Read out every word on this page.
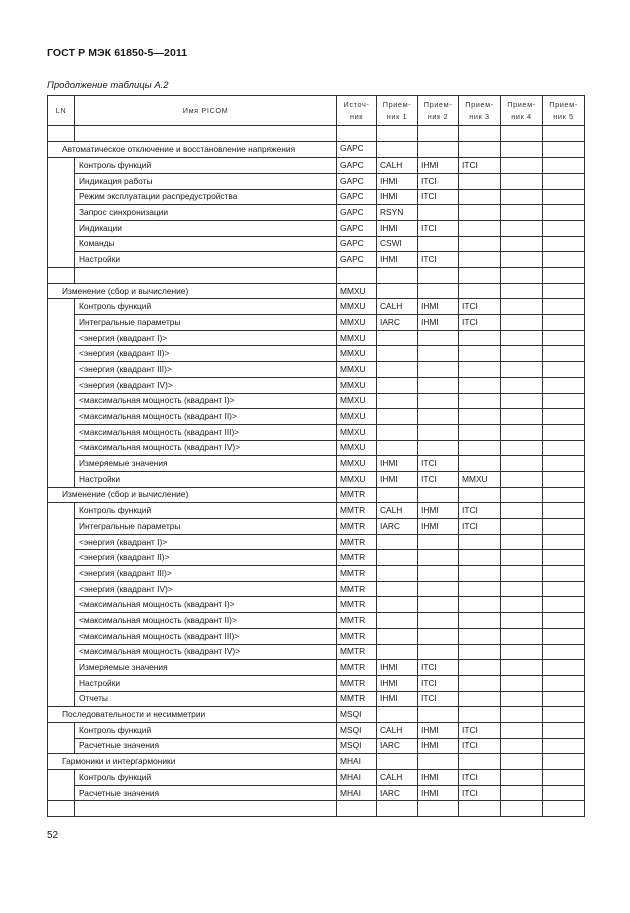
ГОСТ Р МЭК 61850-5—2011
Продолжение таблицы А.2
LN	Имя PICOM	Источ-ник	Прием-ник 1	Прием-ник 2	Прием-ник 3	Прием-ник 4	Прием-ник 5

Автоматическое отключение и восстановление напряжения		GAPC					
	Контроль функций	GAPC	CALH	IHMI	ITCI		
	Индикация работы	GAPC	IHMI	ITCI			
	Режим эксплуатации распредустройства	GAPC	IHMI	ITCI			
	Запрос синхронизации	GAPC	RSYN				
	Индикации	GAPC	IHMI	ITCI			
	Команды	GAPC	CSWI				
	Настройки	GAPC	IHMI	ITCI			

Изменение (сбор и вычисление)		MMXU					
	Контроль функций	MMXU	CALH	IHMI	ITCI		
	Интегральные параметры	MMXU	IARC	IHMI	ITCI		
	<энергия (квадрант I)>	MMXU					
	<энергия (квадрант II)>	MMXU					
	<энергия (квадрант III)>	MMXU					
	<энергия (квадрант IV)>	MMXU					
	<максимальная мощность (квадрант I)>	MMXU					
	<максимальная мощность (квадрант II)>	MMXU					
	<максимальная мощность (квадрант III)>	MMXU					
	<максимальная мощность (квадрант IV)>	MMXU					
	Измеряемые значения	MMXU	IHMI	ITCI			
	Настройки	MMXU	IHMI	ITCI	MMXU		
Изменение (сбор и вычисление)		MMTR					
	Контроль функций	MMTR	CALH	IHMI	ITCI		
	Интегральные параметры	MMTR	IARC	IHMI	ITCI		
	<энергия (квадрант I)>	MMTR					
	<энергия (квадрант II)>	MMTR					
	<энергия (квадрант III)>	MMTR					
	<энергия (квадрант IV)>	MMTR					
	<максимальная мощность (квадрант I)>	MMTR					
	<максимальная мощность (квадрант II)>	MMTR					
	<максимальная мощность (квадрант III)>	MMTR					
	<максимальная мощность (квадрант IV)>	MMTR					
	Измеряемые значения	MMTR	IHMI	ITCI			
	Настройки	MMTR	IHMI	ITCI			
	Отчеты	MMTR	IHMI	ITCI			
Последовательности и несимметрии		MSQI					
	Контроль функций	MSQI	CALH	IHMI	ITCI		
	Расчетные значения	MSQI	IARC	IHMI	ITCI		
Гармоники и интергармоники		MHAI					
	Контроль функций	MHAI	CALH	IHMI	ITCI		
	Расчетные значения	MHAI	IARC	IHMI	ITCI		

52
